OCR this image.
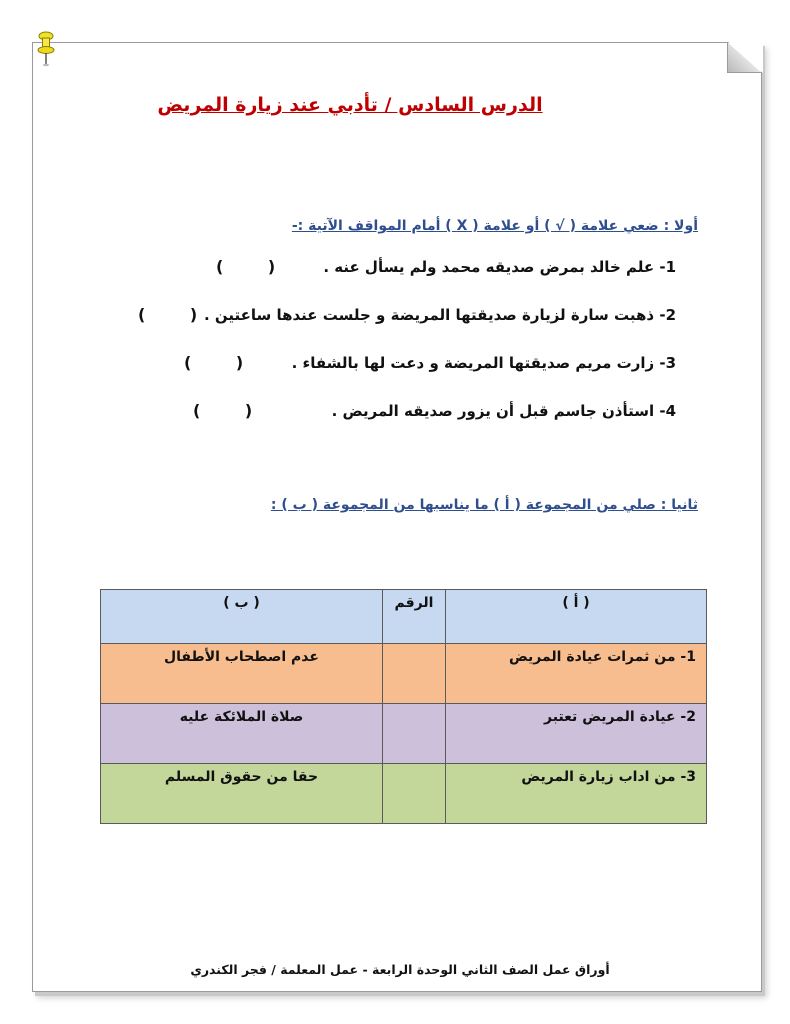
الدرس السادس / تأدبي عند زيارة المريض
أولا : ضعي علامة ( √ ) أو علامة ( X ) أمام المواقف الآتية :-
1- علم خالد بمرض صديقه محمد ولم يسأل عنه .
(        )
2- ذهبت سارة لزيارة صديقتها المريضة و جلست عندها ساعتين .
(        )
3- زارت مريم صديقتها المريضة و دعت لها بالشفاء .
(        )
4- استأذن جاسم قبل أن يزور صديقه المريض .
(        )
ثانيا : صلي من المجموعة ( أ ) ما يناسبها من المجموعة ( ب ) :
( أ )	الرقم	( ب )
1- من ثمرات عيادة المريض		عدم اصطحاب الأطفال
2- عيادة المريض تعتبر		صلاة الملائكة عليه
3- من اداب زيارة المريض		حقا من حقوق المسلم
أوراق عمل الصف الثاني الوحدة الرابعة - عمل المعلمة / فجر الكندري
